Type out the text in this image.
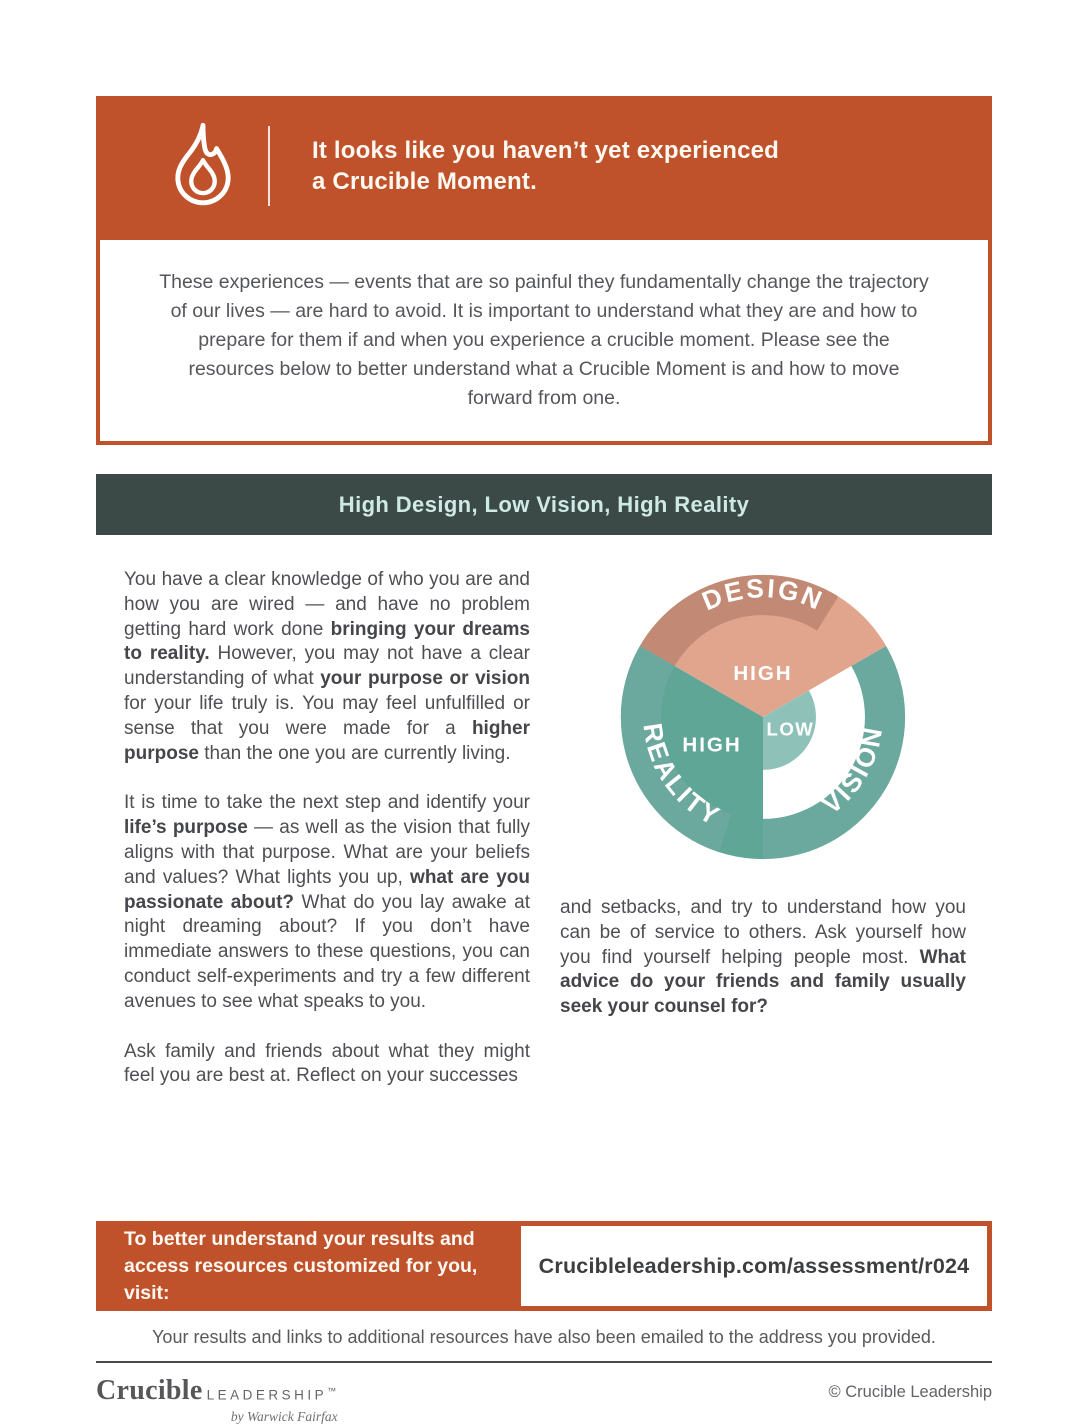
It looks like you haven’t yet experienced
a Crucible Moment.

These experiences — events that are so painful they fundamentally change the trajectory of our lives — are hard to avoid. It is important to understand what they are and how to prepare for them if and when you experience a crucible moment. Please see the resources below to better understand what a Crucible Moment is and how to move forward from one.

High Design, Low Vision, High Reality

You have a clear knowledge of who you are and how you are wired — and have no problem getting hard work done bringing your dreams to reality. However, you may not have a clear understanding of what your purpose or vision for your life truly is. You may feel unfulfilled or sense that you were made for a higher purpose than the one you are currently living.

It is time to take the next step and identify your life’s purpose — as well as the vision that fully aligns with that purpose. What are your beliefs and values? What lights you up, what are you passionate about? What do you lay awake at night dreaming about? If you don’t have immediate answers to these questions, you can conduct self-experiments and try a few different avenues to see what speaks to you.

Ask family and friends about what they might feel you are best at. Reflect on your successes

DESIGN
REALITY	VISION
HIGH
HIGH
LOW

and setbacks, and try to understand how you can be of service to others. Ask yourself how you find yourself helping people most. What advice do your friends and family usually seek your counsel for?

To better understand your results and access resources customized for you, visit:
Crucibleleadership.com/assessment/r024
Your results and links to additional resources have also been emailed to the address you provided.
Crucible LEADERSHIP™
by Warwick Fairfax
© Crucible Leadership
